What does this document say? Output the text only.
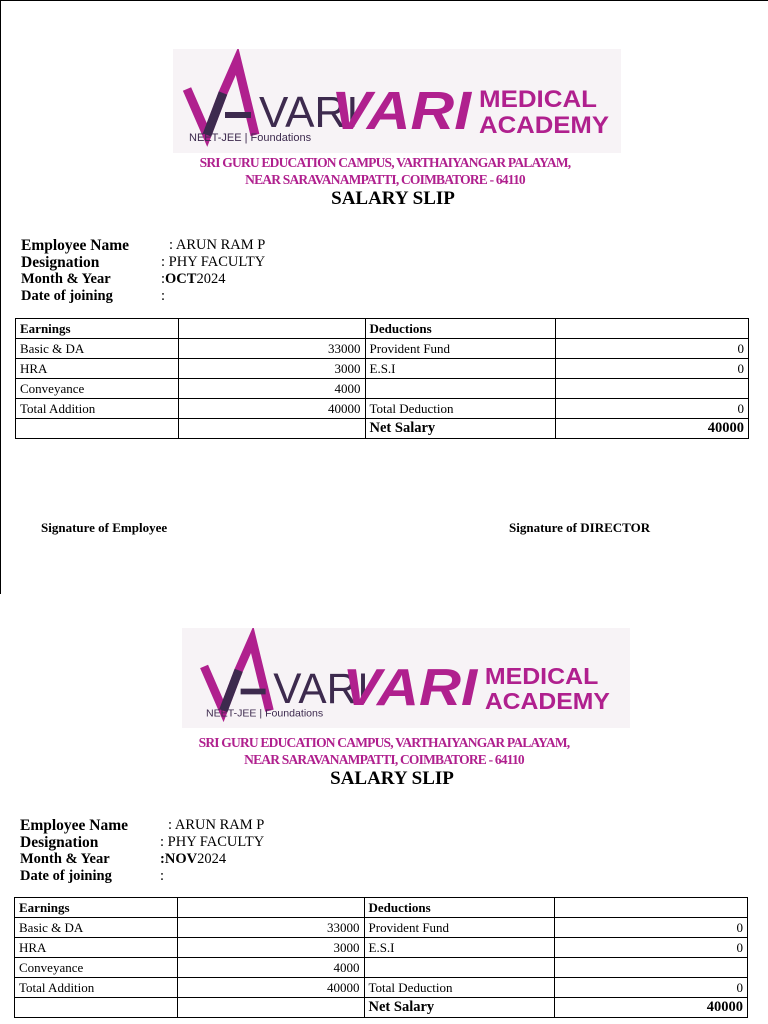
VARI
NEET-JEE | Foundations VARI MEDICAL
ACADEMY
SRI GURU EDUCATION CAMPUS, VARTHAIYANGAR PALAYAM,
NEAR SARAVANAMPATTI, COIMBATORE - 64110
SALARY SLIP
Employee Name	: ARUN RAM P
Designation	: PHY FACULTY
Month & Year	: OCT 2024
Date of joining	:
Earnings		Deductions	
Basic & DA	33000	Provident Fund	0
HRA	3000	E.S.I	0
Conveyance	4000		
Total Addition	40000	Total Deduction	0
		Net Salary	40000
Signature of Employee	Signature of DIRECTOR
VARI
NEET-JEE | Foundations VARI MEDICAL
ACADEMY
SRI GURU EDUCATION CAMPUS, VARTHAIYANGAR PALAYAM,
NEAR SARAVANAMPATTI, COIMBATORE - 64110
SALARY SLIP
Employee Name	: ARUN RAM P
Designation	: PHY FACULTY
Month & Year	: NOV 2024
Date of joining	:
Earnings		Deductions	
Basic & DA	33000	Provident Fund	0
HRA	3000	E.S.I	0
Conveyance	4000		
Total Addition	40000	Total Deduction	0
		Net Salary	40000
